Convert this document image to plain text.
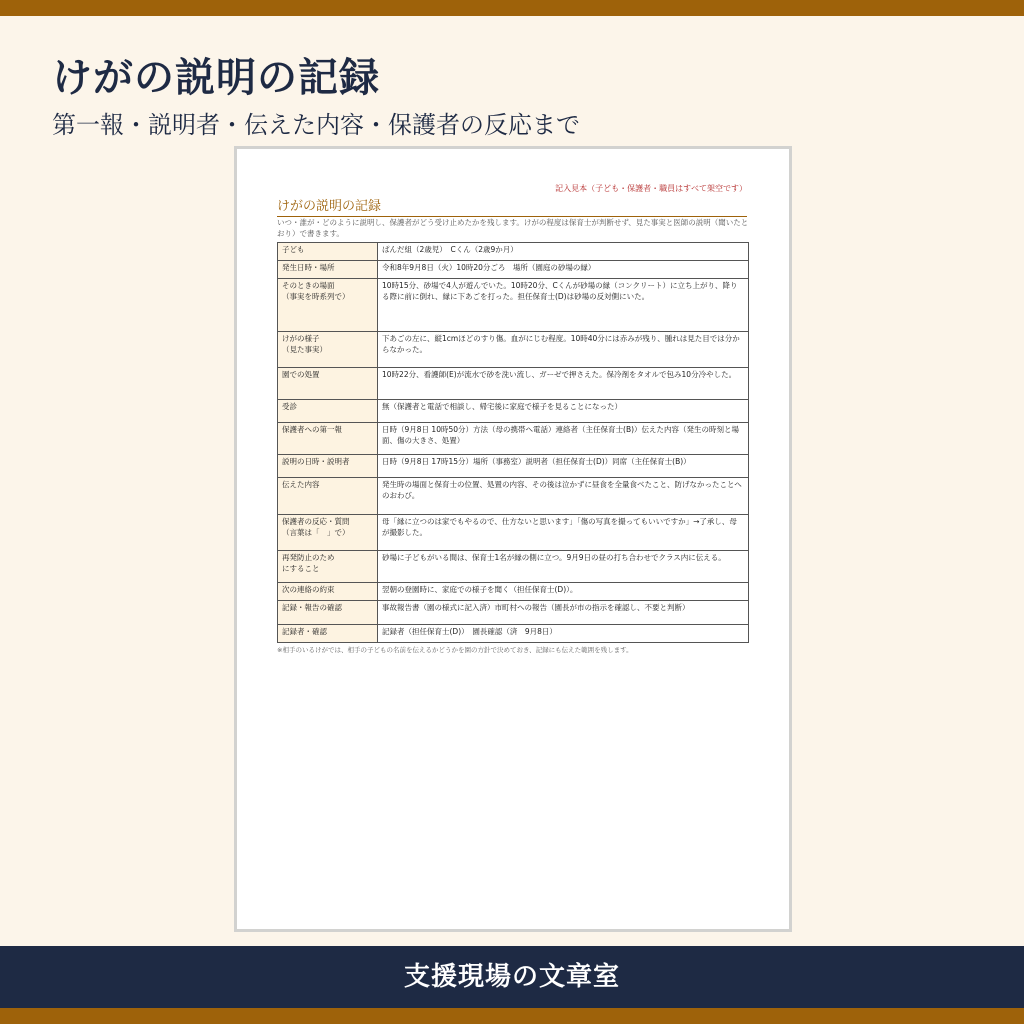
けがの説明の記録

第一報・説明者・伝えた内容・保護者の反応まで

記入見本（子ども・保護者・職員はすべて架空です）
けがの説明の記録
いつ・誰が・どのように説明し、保護者がどう受け止めたかを残します。けがの程度は保育士が判断せず、見た事実と医師の説明（聞いたとおり）で書きます。
子ども	ぱんだ組（2歳児）　Cくん（2歳9か月）
発生日時・場所	令和8年9月8日（火）10時20分ごろ　場所（園庭の砂場の縁）
そのときの場面
（事実を時系列で）	10時15分、砂場で4人が遊んでいた。10時20分、Cくんが砂場の縁（コンクリート）に立ち上がり、降りる際に前に倒れ、縁に下あごを打った。担任保育士(D)は砂場の反対側にいた。
けがの様子
（見た事実）	下あごの左に、縦1cmほどのすり傷。血がにじむ程度。10時40分には赤みが残り、腫れは見た目では分からなかった。
園での処置	10時22分、看護師(E)が流水で砂を洗い流し、ガーゼで押さえた。保冷剤をタオルで包み10分冷やした。
受診	無（保護者と電話で相談し、帰宅後に家庭で様子を見ることになった）
保護者への第一報	日時（9月8日 10時50分）方法（母の携帯へ電話）連絡者（主任保育士(B)）伝えた内容（発生の時刻と場面、傷の大きさ、処置）
説明の日時・説明者	日時（9月8日 17時15分）場所（事務室）説明者（担任保育士(D)）同席（主任保育士(B)）
伝えた内容	発生時の場面と保育士の位置、処置の内容、その後は泣かずに昼食を全量食べたこと、防げなかったことへのおわび。
保護者の反応・質問
（言葉は「　」で）	母「縁に立つのは家でもやるので、仕方ないと思います」「傷の写真を撮ってもいいですか」→了承し、母が撮影した。
再発防止のため
にすること	砂場に子どもがいる間は、保育士1名が縁の側に立つ。9月9日の昼の打ち合わせでクラス内に伝える。
次の連絡の約束	翌朝の登園時に、家庭での様子を聞く（担任保育士(D)）。
記録・報告の確認	事故報告書（園の様式に記入済）市町村への報告（園長が市の指示を確認し、不要と判断）
記録者・確認	記録者（担任保育士(D)）　園長確認（済　9月8日）
※相手のいるけがでは、相手の子どもの名前を伝えるかどうかを園の方針で決めておき、記録にも伝えた範囲を残します。
支援現場の文章室
